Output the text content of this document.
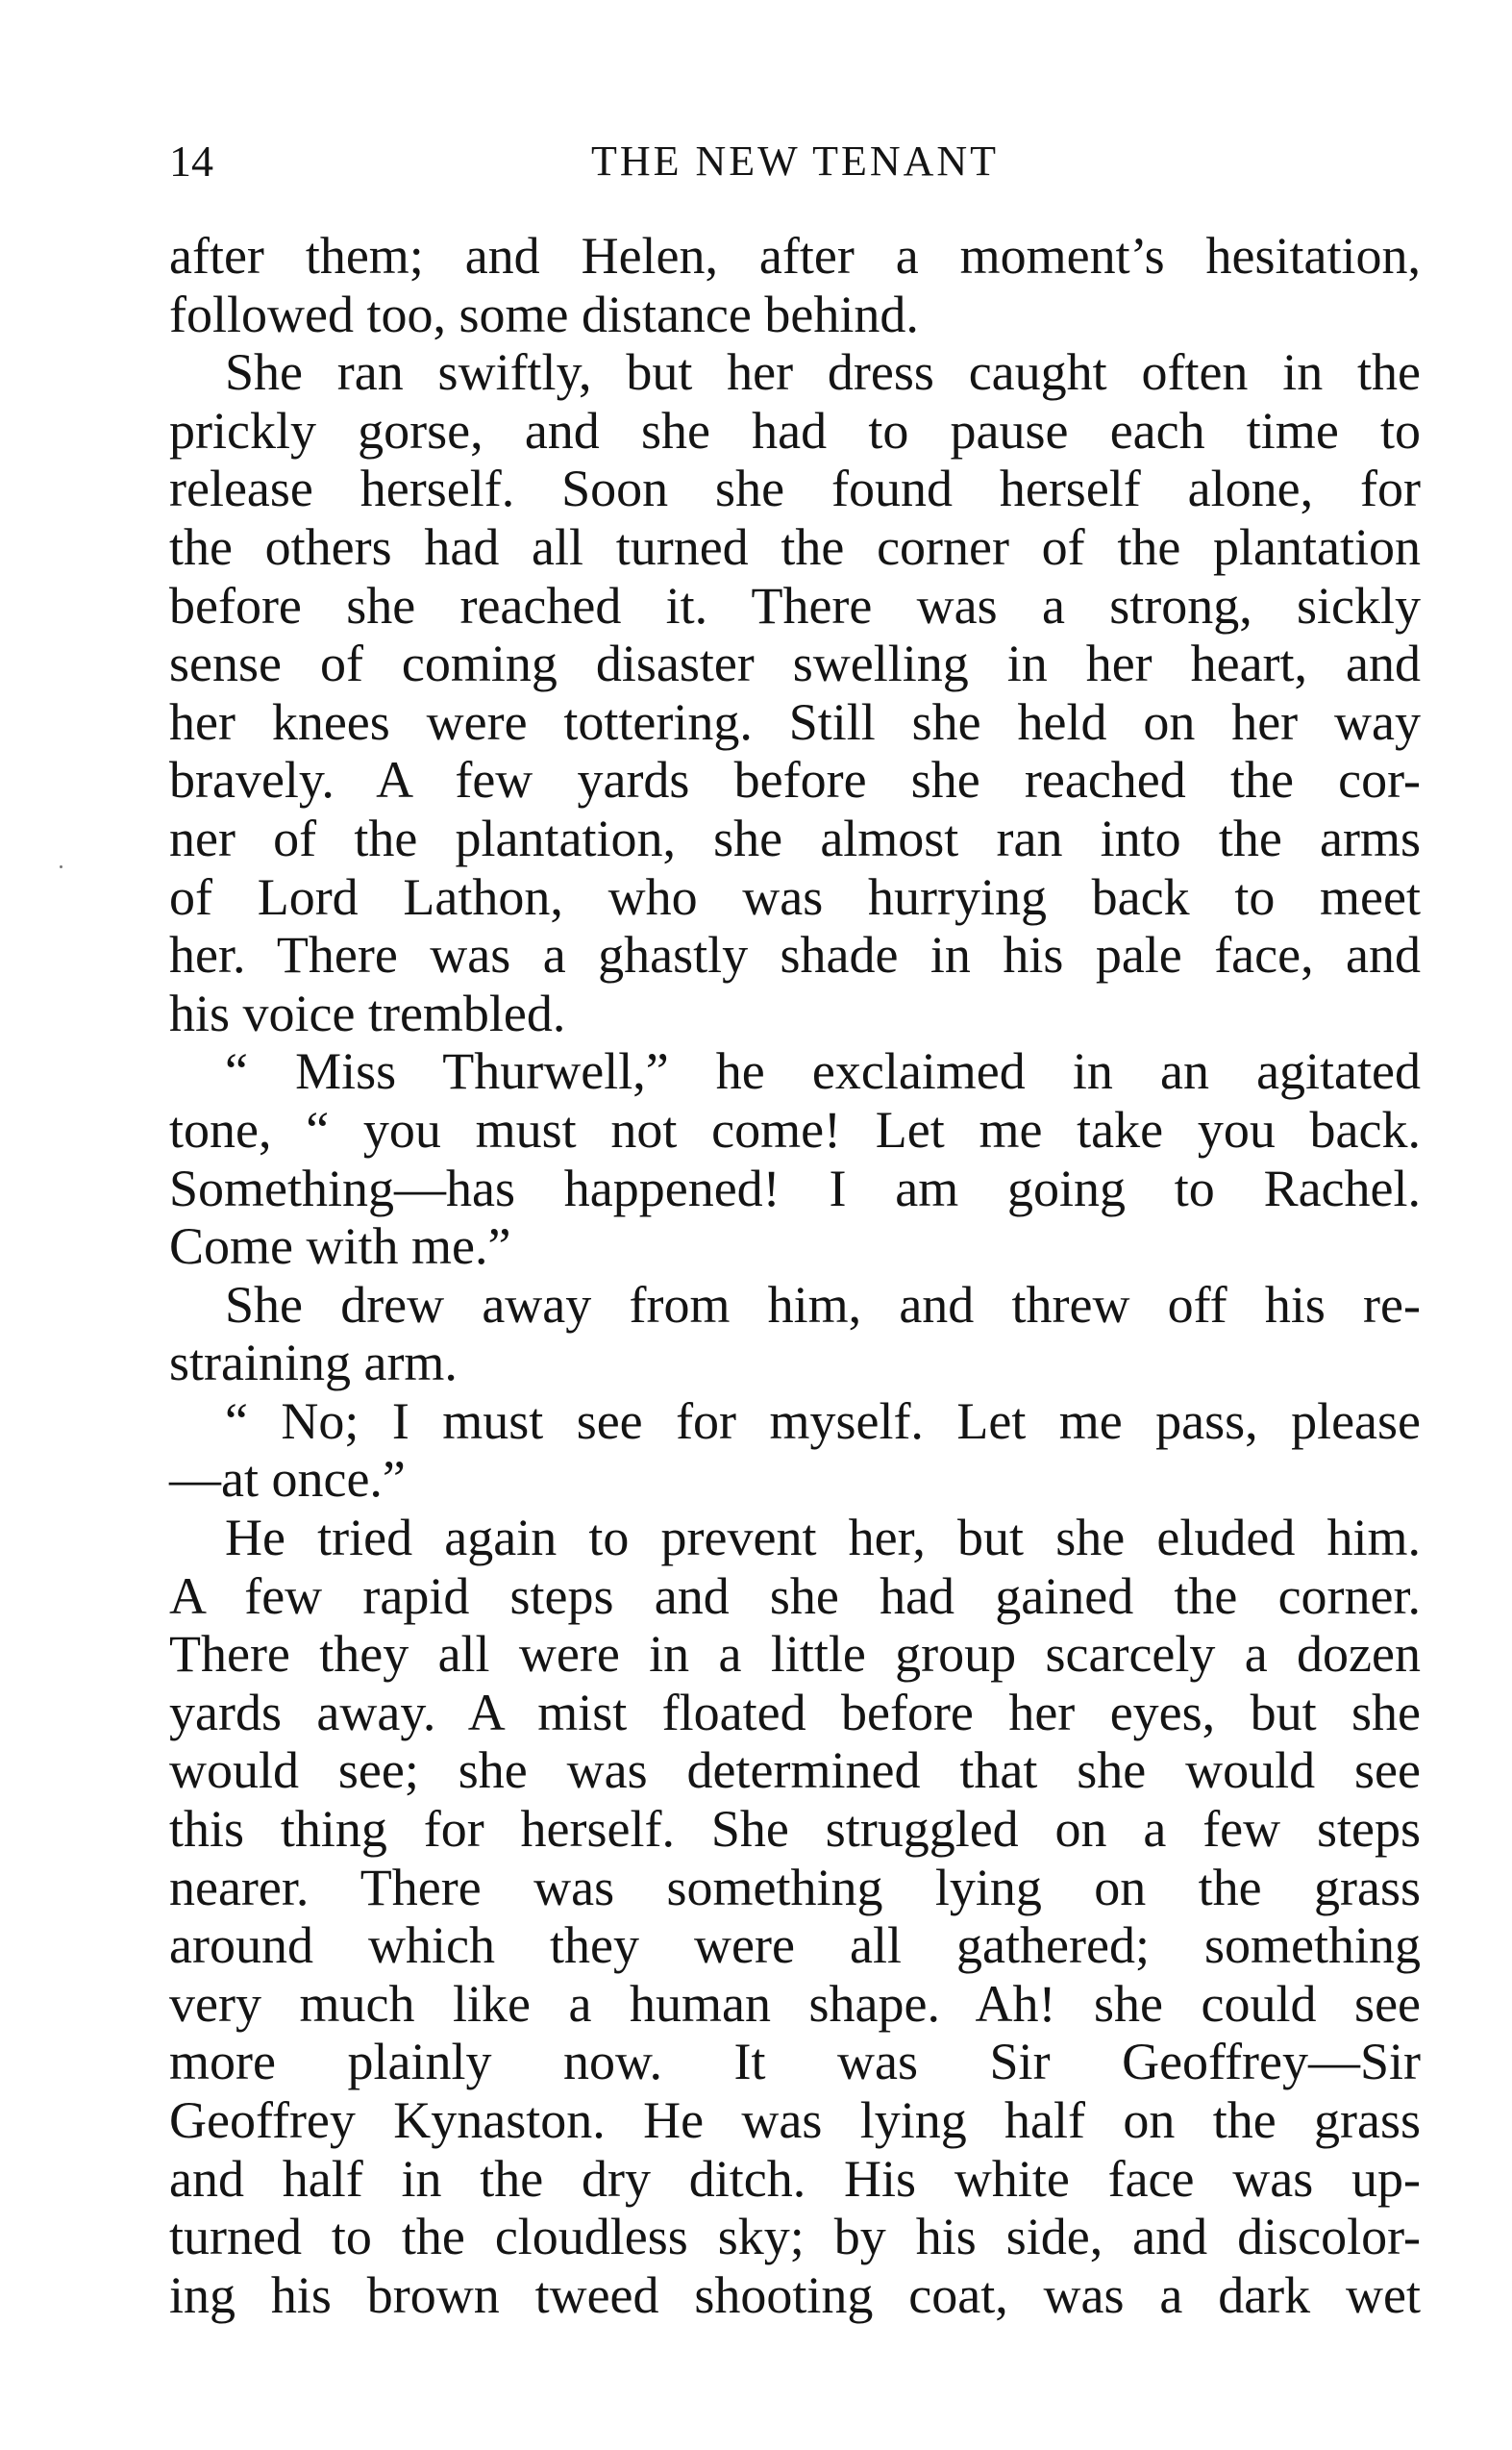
14	THE NEW TENANT
after them; and Helen, after a moment’s hesitation,
followed too, some distance behind.
She ran swiftly, but her dress caught often in the
prickly gorse, and she had to pause each time to
release herself. Soon she found herself alone, for
the others had all turned the corner of the plantation
before she reached it. There was a strong, sickly
sense of coming disaster swelling in her heart, and
her knees were tottering. Still she held on her way
bravely. A few yards before she reached the cor-
ner of the plantation, she almost ran into the arms
of Lord Lathon, who was hurrying back to meet
her. There was a ghastly shade in his pale face, and
his voice trembled.
“ Miss Thurwell,” he exclaimed in an agitated
tone, “ you must not come! Let me take you back.
Something—has happened! I am going to Rachel.
Come with me.”
She drew away from him, and threw off his re-
straining arm.
“ No; I must see for myself. Let me pass, please
—at once.”
He tried again to prevent her, but she eluded him.
A few rapid steps and she had gained the corner.
There they all were in a little group scarcely a dozen
yards away. A mist floated before her eyes, but she
would see; she was determined that she would see
this thing for herself. She struggled on a few steps
nearer. There was something lying on the grass
around which they were all gathered; something
very much like a human shape. Ah! she could see
more plainly now. It was Sir Geoffrey—Sir
Geoffrey Kynaston. He was lying half on the grass
and half in the dry ditch. His white face was up-
turned to the cloudless sky; by his side, and discolor-
ing his brown tweed shooting coat, was a dark wet
